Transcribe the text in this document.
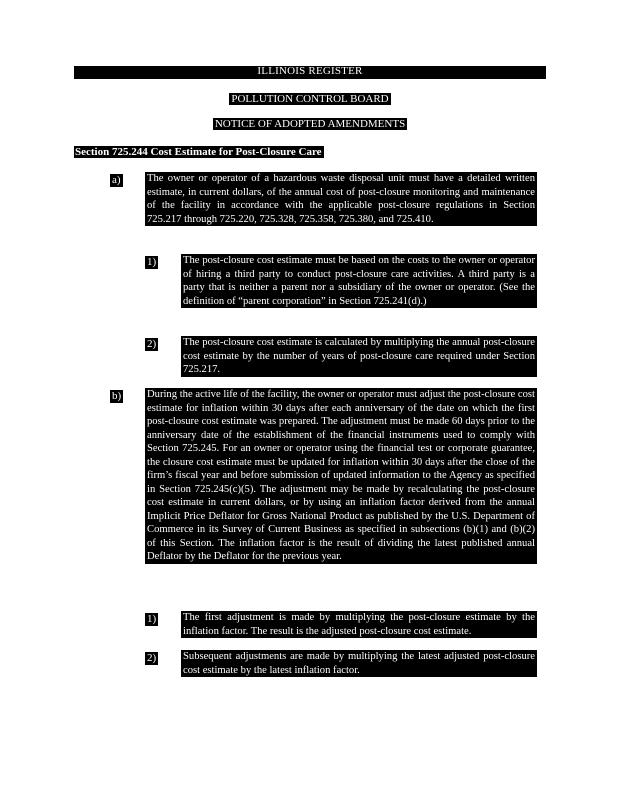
ILLINOIS REGISTER
POLLUTION CONTROL BOARD
NOTICE OF ADOPTED AMENDMENTS
Section 725.244 Cost Estimate for Post-Closure Care
a) The owner or operator of a hazardous waste disposal unit must have a detailed written estimate, in current dollars, of the annual cost of post-closure monitoring and maintenance of the facility in accordance with the applicable post-closure regulations in Section 725.217 through 725.220, 725.328, 725.358, 725.380, and 725.410.
1)	The post-closure cost estimate must be based on the costs to the owner or operator of hiring a third party to conduct post-closure care activities. A third party is a party that is neither a parent nor a subsidiary of the owner or operator. (See the definition of “parent corporation” in Section 725.241(d).)
2)	The post-closure cost estimate is calculated by multiplying the annual post-closure cost estimate by the number of years of post-closure care required under Section 725.217.
b) During the active life of the facility, the owner or operator must adjust the post-closure cost estimate for inflation within 30 days after each anniversary of the date on which the first post-closure cost estimate was prepared. The adjustment must be made 60 days prior to the anniversary date of the establishment of the financial instruments used to comply with Section 725.245. For an owner or operator using the financial test or corporate guarantee, the closure cost estimate must be updated for inflation within 30 days after the close of the firm’s fiscal year and before submission of updated information to the Agency as specified in Section 725.245(c)(5). The adjustment may be made by recalculating the post-closure cost estimate in current dollars, or by using an inflation factor derived from the annual Implicit Price Deflator for Gross National Product as published by the U.S. Department of Commerce in its Survey of Current Business as specified in subsections (b)(1) and (b)(2) of this Section. The inflation factor is the result of dividing the latest published annual Deflator by the Deflator for the previous year.
1)	The first adjustment is made by multiplying the post-closure estimate by the inflation factor. The result is the adjusted post-closure cost estimate.
2)	Subsequent adjustments are made by multiplying the latest adjusted post-closure cost estimate by the latest inflation factor.
